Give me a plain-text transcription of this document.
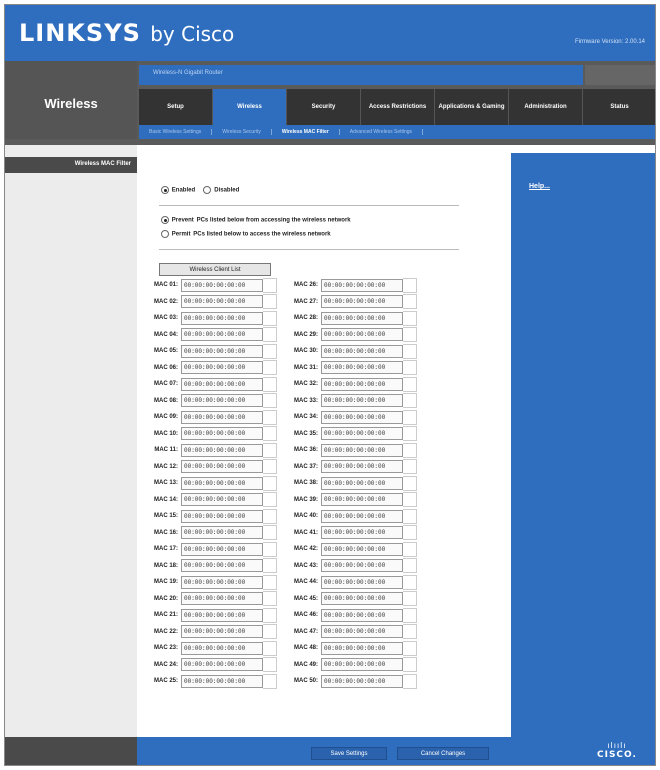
LINKSYS by Cisco	Firmware Version: 2.00.14
Wireless
Wireless-N Gigabit Router
Setup	Wireless	Security	Access Restrictions	Applications & Gaming	Administration	Status
Basic Wireless Settings	Wireless Security	Wireless MAC Filter	Advanced Wireless Settings
Wireless MAC Filter
Enabled	Disabled
Prevent PCs listed below from accessing the wireless network
Permit PCs listed below to access the wireless network
Wireless Client List
MAC 01:
00:00:00:00:00:00	MAC 26:
00:00:00:00:00:00
MAC 02:
00:00:00:00:00:00	MAC 27:
00:00:00:00:00:00
MAC 03:
00:00:00:00:00:00	MAC 28:
00:00:00:00:00:00
MAC 04:
00:00:00:00:00:00	MAC 29:
00:00:00:00:00:00
MAC 05:
00:00:00:00:00:00	MAC 30:
00:00:00:00:00:00
MAC 06:
00:00:00:00:00:00	MAC 31:
00:00:00:00:00:00
MAC 07:
00:00:00:00:00:00	MAC 32:
00:00:00:00:00:00
MAC 08:
00:00:00:00:00:00	MAC 33:
00:00:00:00:00:00
MAC 09:
00:00:00:00:00:00	MAC 34:
00:00:00:00:00:00
MAC 10:
00:00:00:00:00:00	MAC 35:
00:00:00:00:00:00
MAC 11:
00:00:00:00:00:00	MAC 36:
00:00:00:00:00:00
MAC 12:
00:00:00:00:00:00	MAC 37:
00:00:00:00:00:00
MAC 13:
00:00:00:00:00:00	MAC 38:
00:00:00:00:00:00
MAC 14:
00:00:00:00:00:00	MAC 39:
00:00:00:00:00:00
MAC 15:
00:00:00:00:00:00	MAC 40:
00:00:00:00:00:00
MAC 16:
00:00:00:00:00:00	MAC 41:
00:00:00:00:00:00
MAC 17:
00:00:00:00:00:00	MAC 42:
00:00:00:00:00:00
MAC 18:
00:00:00:00:00:00	MAC 43:
00:00:00:00:00:00
MAC 19:
00:00:00:00:00:00	MAC 44:
00:00:00:00:00:00
MAC 20:
00:00:00:00:00:00	MAC 45:
00:00:00:00:00:00
MAC 21:
00:00:00:00:00:00	MAC 46:
00:00:00:00:00:00
MAC 22:
00:00:00:00:00:00	MAC 47:
00:00:00:00:00:00
MAC 23:
00:00:00:00:00:00	MAC 48:
00:00:00:00:00:00
MAC 24:
00:00:00:00:00:00	MAC 49:
00:00:00:00:00:00
MAC 25:
00:00:00:00:00:00	MAC 50:
00:00:00:00:00:00
Help...
Save Settings	Cancel Changes
ılıılı
CISCO.
